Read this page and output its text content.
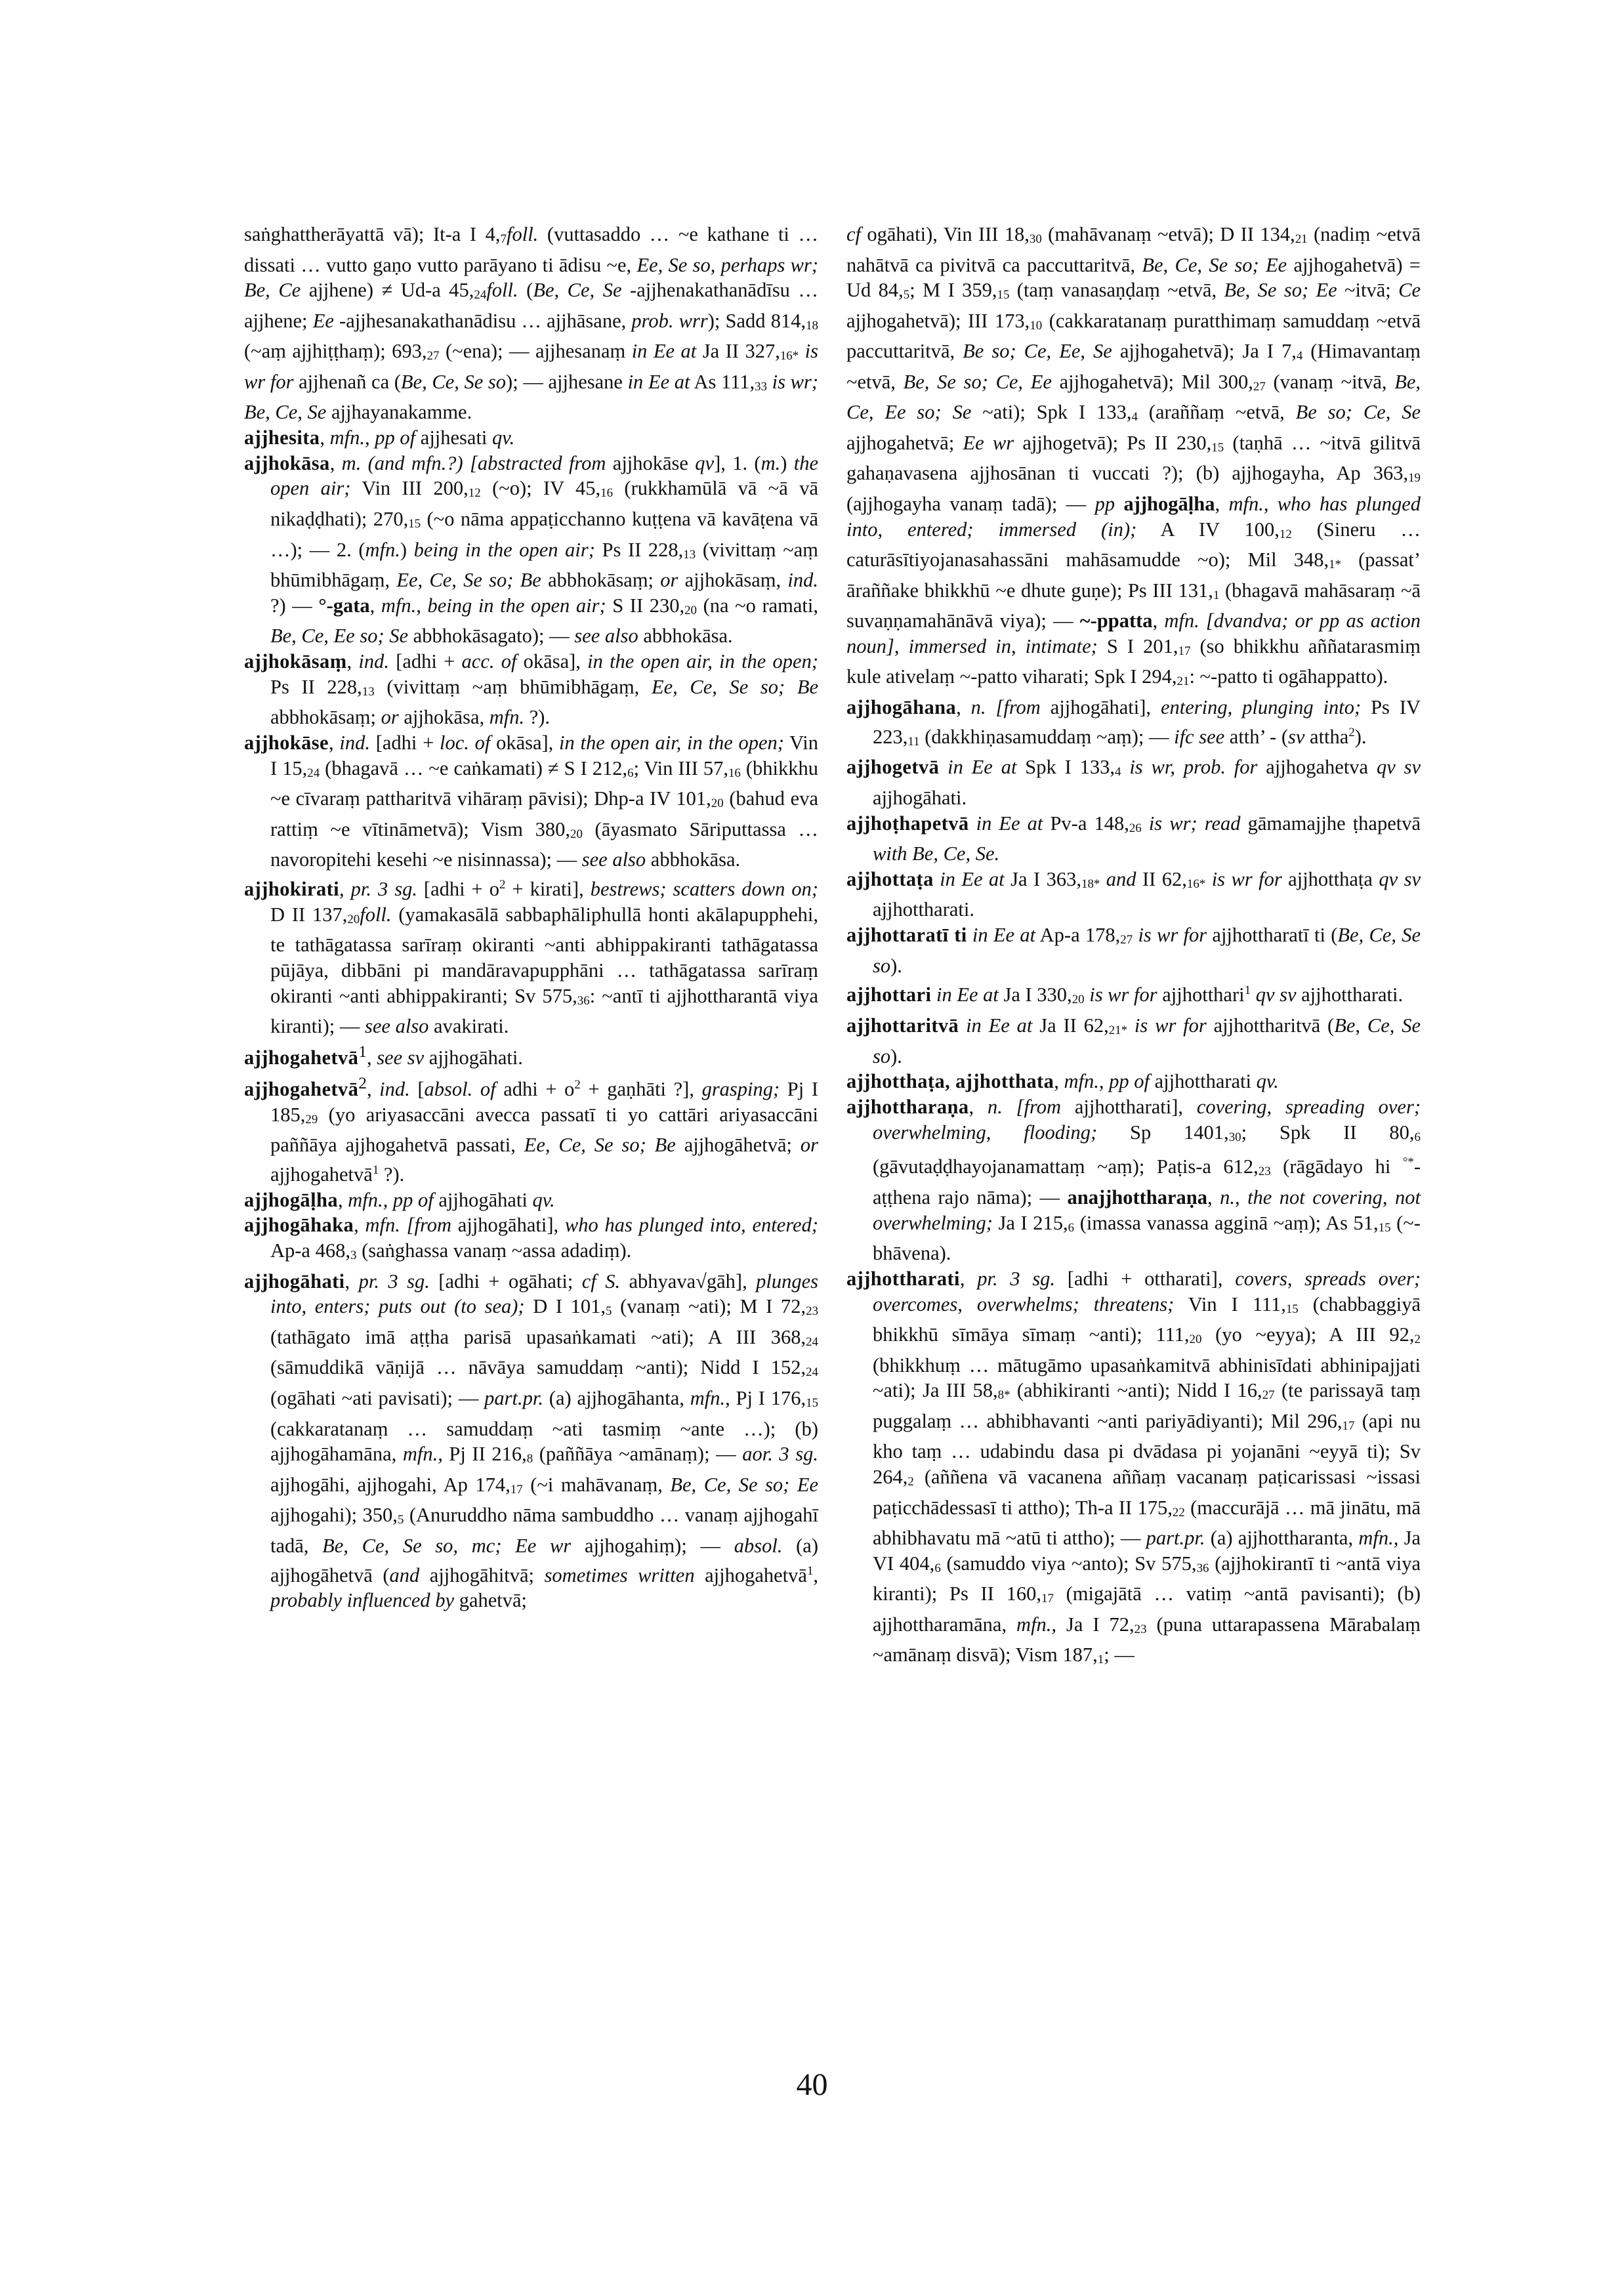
saṅghattherāyattā vā); It-a I $4,_7foll$. (vuttasaddo … ~e kathane ti … dissati … vutto gaṇo vutto parāyano ti ādisu ~e, Ee, Se so, perhaps wr; Be, Ce ajjhene) ≠ Ud-a $45,_{24}foll$. (Be, Ce, Se -ajjhenakathanādīsu … ajjhene; Ee -ajjhesanakathanādisu … ajjhāsane, prob. wrr); Sadd $814,_{18}$ (~aṃ ajjhiṭṭhaṃ); $693,_{27}$ (~ena); — ajjhesanaṃ in Ee at Ja II $327,_{16*}$ is wr for ajjhenañ ca (Be, Ce, Se so); — ajjhesane in Ee at As $111,_{33}$ is wr; Be, Ce, Se ajjhayanakamme.

ajjhesita, mfn., pp of ajjhesati qv.

ajjhokāsa, m. (and mfn.?) [abstracted from ajjhokāse qv], 1. (m.) the open air; Vin III $200,_{12}$ (~o); IV $45,_{16}$ (rukkhamūlā vā ~ā vā nikaḍḍhati); $270,_{15}$ (~o nāma appaṭicchanno kuṭṭena vā kavāṭena vā …); — 2. (mfn.) being in the open air; Ps II $228,_{13}$ (vivittaṃ ~aṃ bhūmibhāgaṃ, Ee, Ce, Se so; Be abbhokāsaṃ; or ajjhokāsaṃ, ind. ?) — °-gata, mfn., being in the open air; S II $230,_{20}$ (na ~o ramati, Be, Ce, Ee so; Se abbhokāsagato); — see also abbhokāsa.

ajjhokāsaṃ, ind. [adhi + acc. of okāsa], in the open air, in the open; Ps II $228,_{13}$ (vivittaṃ ~aṃ bhūmibhāgaṃ, Ee, Ce, Se so; Be abbhokāsaṃ; or ajjhokāsa, mfn. ?).

ajjhokāse, ind. [adhi + loc. of okāsa], in the open air, in the open; Vin I $15,_{24}$ (bhagavā … ~e caṅkamati) ≠ S I $212,_6$; Vin III $57,_{16}$ (bhikkhu ~e cīvaraṃ pattharitvā vihāraṃ pāvisi); Dhp-a IV $101,_{20}$ (bahud eva rattiṃ ~e vītināmetvā); Vism $380,_{20}$ (āyasmato Sāriputtassa … navoropitehi kesehi ~e nisinnassa); — see also abbhokāsa.

ajjhokirati, pr. 3 sg. [adhi + $o^2$ + kirati], bestrews; scatters down on; D II $137,_{20}foll$. (yamakasālā sabbaphāliphullā honti akālapupphehi, te tathāgatassa sarīraṃ okiranti ~anti abhippakiranti tathāgatassa pūjāya, dibbāni pi mandāravapupphāni … tathāgatassa sarīraṃ okiranti ~anti abhippakiranti; Sv $575,_{36}$: ~antī ti ajjhottharantā viya kiranti); — see also avakirati.

ajjhogahetvā$^1$, see sv ajjhogāhati.

ajjhogahetvā$^2$, ind. [absol. of adhi + $o^2$ + gaṇhāti ?], grasping; Pj I $185,_{29}$ (yo ariyasaccāni avecca passatī ti yo cattāri ariyasaccāni paññāya ajjhogahetvā passati, Ee, Ce, Se so; Be ajjhogāhetvā; or ajjhogahetvā$^1$ ?).

ajjhogāḷha, mfn., pp of ajjhogāhati qv.

ajjhogāhaka, mfn. [from ajjhogāhati], who has plunged into, entered; Ap-a $468,_3$ (saṅghassa vanaṃ ~assa adadiṃ).

ajjhogāhati, pr. 3 sg. [adhi + ogāhati; cf S. abhyava√gāh], plunges into, enters; puts out (to sea); D I $101,_5$ (vanaṃ ~ati); M I $72,_{23}$ (tathāgato imā aṭṭha parisā upasaṅkamati ~ati); A III $368,_{24}$ (sāmuddikā vāṇijā … nāvāya samuddaṃ ~anti); Nidd I $152,_{24}$ (ogāhati ~ati pavisati); — part.pr. (a) ajjhogāhanta, mfn., Pj I $176,_{15}$ (cakkaratanaṃ … samuddaṃ ~ati tasmiṃ ~ante …); (b) ajjhogāhamāna, mfn., Pj II $216,_8$ (paññāya ~amānaṃ); — aor. 3 sg. ajjhogāhi, ajjhogahi, Ap $174,_{17}$ (~i mahāvanaṃ, Be, Ce, Se so; Ee ajjhogahi); $350,_5$ (Anuruddho nāma sambuddho … vanaṃ ajjhogahī tadā, Be, Ce, Se so, mc; Ee wr ajjhogahiṃ); — absol. (a) ajjhogāhetvā (and ajjhogāhitvā; sometimes written ajjhogahetvā$^1$, probably influenced by gahetvā;

cf ogāhati), Vin III $18,_{30}$ (mahāvanaṃ ~etvā); D II $134,_{21}$ (nadiṃ ~etvā nahātvā ca pivitvā ca paccuttaritvā, Be, Ce, Se so; Ee ajjhogahetvā) = Ud $84,_5$; M I $359,_{15}$ (taṃ vanasaṇḍaṃ ~etvā, Be, Se so; Ee ~itvā; Ce ajjhogahetvā); III $173,_{10}$ (cakkaratanaṃ puratthimaṃ samuddaṃ ~etvā paccuttaritvā, Be so; Ce, Ee, Se ajjhogahetvā); Ja I $7,_4$ (Himavantaṃ ~etvā, Be, Se so; Ce, Ee ajjhogahetvā); Mil $300,_{27}$ (vanaṃ ~itvā, Be, Ce, Ee so; Se ~ati); Spk I $133,_4$ (araññaṃ ~etvā, Be so; Ce, Se ajjhogahetvā; Ee wr ajjhogetvā); Ps II $230,_{15}$ (taṇhā … ~itvā gilitvā gahaṇavasena ajjhosānan ti vuccati ?); (b) ajjhogayha, Ap $363,_{19}$ (ajjhogayha vanaṃ tadā); — pp ajjhogāḷha, mfn., who has plunged into, entered; immersed (in); A IV $100,_{12}$ (Sineru … caturāsītiyojanasahassāni mahāsamudde ~o); Mil $348,_{1*}$ (passat’ āraññake bhikkhū ~e dhute guṇe); Ps III $131,_1$ (bhagavā mahāsaraṃ ~ā suvaṇṇamahānāvā viya); — ~-ppatta, mfn. [dvandva; or pp as action noun], immersed in, intimate; S I $201,_{17}$ (so bhikkhu aññatarasmiṃ kule ativelaṃ ~-patto viharati; Spk I $294,_{21}$: ~-patto ti ogāhappatto).

ajjhogāhana, n. [from ajjhogāhati], entering, plunging into; Ps IV $223,_{11}$ (dakkhiṇasamuddaṃ ~aṃ); — ifc see atth’ - (sv attha$^2$).

ajjhogetvā in Ee at Spk I $133,_4$ is wr, prob. for ajjhogahetva qv sv ajjhogāhati.

ajjhoṭhapetvā in Ee at Pv-a $148,_{26}$ is wr; read gāmamajjhe ṭhapetvā with Be, Ce, Se.

ajjhottaṭa in Ee at Ja I $363,_{18*}$ and II $62,_{16*}$ is wr for ajjhotthaṭa qv sv ajjhottharati.

ajjhottaratī ti in Ee at Ap-a $178,_{27}$ is wr for ajjhottharatī ti (Be, Ce, Se so).

ajjhottari in Ee at Ja I $330,_{20}$ is wr for ajjhotthari$^1$ qv sv ajjhottharati.

ajjhottaritvā in Ee at Ja II $62,_{21*}$ is wr for ajjhottharitvā (Be, Ce, Se so).

ajjhotthaṭa, ajjhotthata, mfn., pp of ajjhottharati qv.

ajjhottharaṇa, n. [from ajjhottharati], covering, spreading over; overwhelming, flooding; Sp $1401,_{30}$; Spk II $80,_6$ (gāvutaḍḍhayojanamattaṃ ~aṃ); Paṭis-a $612,_{23}$ (rāgādayo hi °*-aṭṭhena rajo nāma); — anajjhottharaṇa, n., the not covering, not overwhelming; Ja I $215,_6$ (imassa vanassa agginā ~aṃ); As $51,_{15}$ (~-bhāvena).

ajjhottharati, pr. 3 sg. [adhi + ottharati], covers, spreads over; overcomes, overwhelms; threatens; Vin I $111,_{15}$ (chabbaggiyā bhikkhū sīmāya sīmaṃ ~anti); $111,_{20}$ (yo ~eyya); A III $92,_2$ (bhikkhuṃ … mātugāmo upasaṅkamitvā abhinisīdati abhinipajjati ~ati); Ja III $58,_{8*}$ (abhikiranti ~anti); Nidd I $16,_{27}$ (te parissayā taṃ puggalaṃ … abhibhavanti ~anti pariyādiyanti); Mil $296,_{17}$ (api nu kho taṃ … udabindu dasa pi dvādasa pi yojanāni ~eyyā ti); Sv $264,_2$ (aññena vā vacanena aññaṃ vacanaṃ paṭicarissasi ~issasi paṭicchādessasī ti attho); Th-a II $175,_{22}$ (maccurājā … mā jinātu, mā abhibhavatu mā ~atū ti attho); — part.pr. (a) ajjhottharanta, mfn., Ja VI $404,_6$ (samuddo viya ~anto); Sv $575,_{36}$ (ajjhokirantī ti ~antā viya kiranti); Ps II $160,_{17}$ (migajātā … vatiṃ ~antā pavisanti); (b) ajjhottharamāna, mfn., Ja I $72,_{23}$ (puna uttarapassena Mārabalaṃ ~amānaṃ disvā); Vism $187,_1$; —

40
